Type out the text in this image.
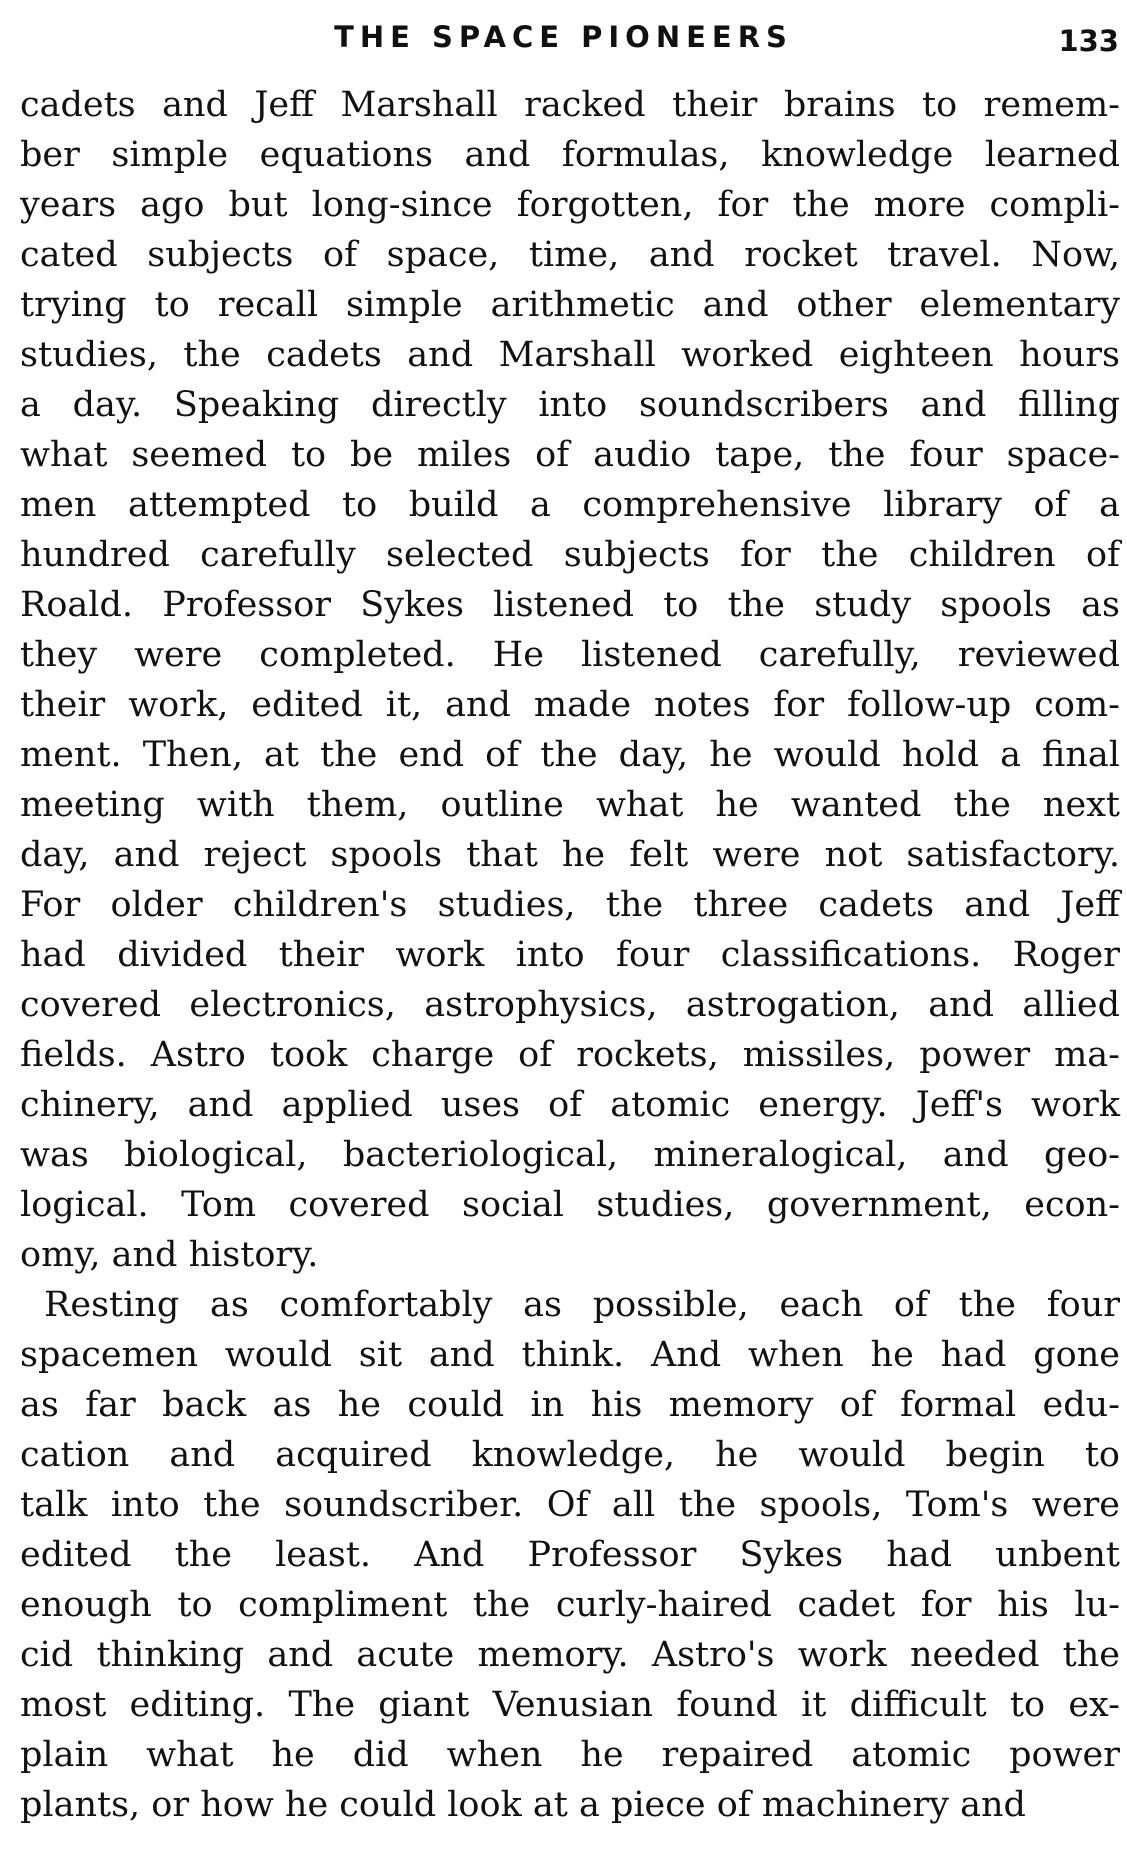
THE SPACE PIONEERS	133
cadets and Jeff Marshall racked their brains to remem-
ber simple equations and formulas, knowledge learned
years ago but long-since forgotten, for the more compli-
cated subjects of space, time, and rocket travel. Now,
trying to recall simple arithmetic and other elementary
studies, the cadets and Marshall worked eighteen hours
a day. Speaking directly into soundscribers and filling
what seemed to be miles of audio tape, the four space-
men attempted to build a comprehensive library of a
hundred carefully selected subjects for the children of
Roald. Professor Sykes listened to the study spools as
they were completed. He listened carefully, reviewed
their work, edited it, and made notes for follow-up com-
ment. Then, at the end of the day, he would hold a final
meeting with them, outline what he wanted the next
day, and reject spools that he felt were not satisfactory.
For older children's studies, the three cadets and Jeff
had divided their work into four classifications. Roger
covered electronics, astrophysics, astrogation, and allied
fields. Astro took charge of rockets, missiles, power ma-
chinery, and applied uses of atomic energy. Jeff's work
was biological, bacteriological, mineralogical, and geo-
logical. Tom covered social studies, government, econ-
omy, and history.
Resting as comfortably as possible, each of the four
spacemen would sit and think. And when he had gone
as far back as he could in his memory of formal edu-
cation and acquired knowledge, he would begin to
talk into the soundscriber. Of all the spools, Tom's were
edited the least. And Professor Sykes had unbent
enough to compliment the curly-haired cadet for his lu-
cid thinking and acute memory. Astro's work needed the
most editing. The giant Venusian found it difficult to ex-
plain what he did when he repaired atomic power
plants, or how he could look at a piece of machinery and
